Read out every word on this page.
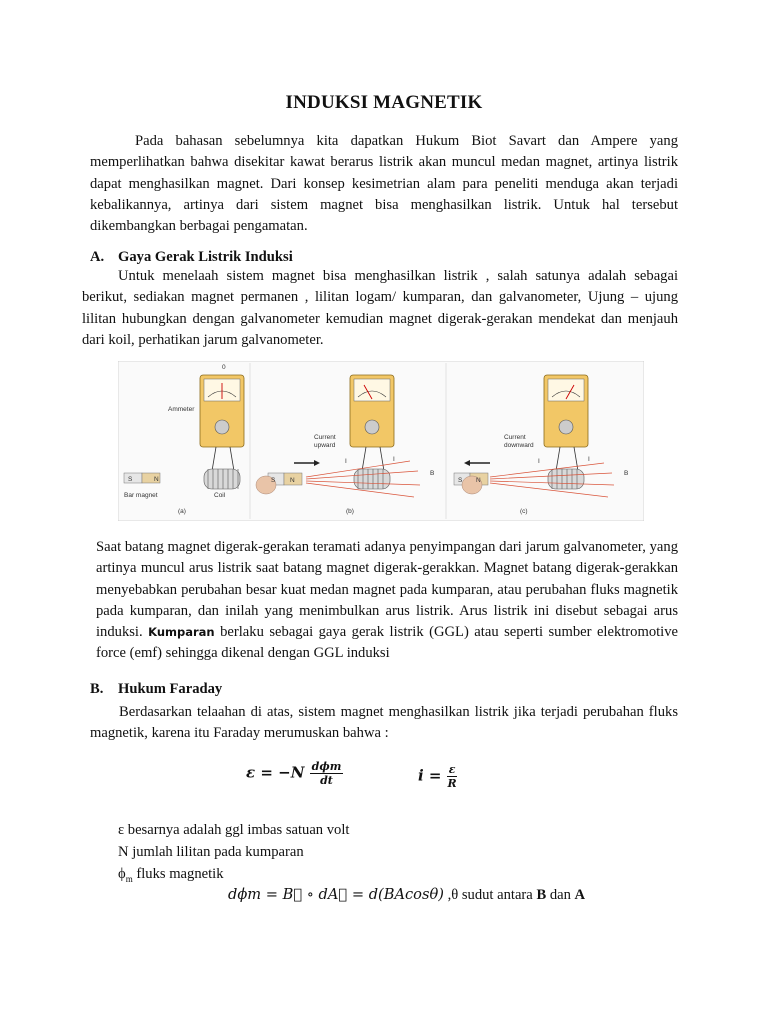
INDUKSI MAGNETIK
Pada bahasan sebelumnya kita dapatkan Hukum Biot Savart dan Ampere yang memperlihatkan bahwa disekitar kawat berarus listrik akan muncul medan magnet, artinya listrik dapat menghasilkan magnet. Dari konsep kesimetrian alam para peneliti menduga akan terjadi kebalikannya, artinya dari sistem magnet bisa menghasilkan listrik. Untuk hal tersebut dikembangkan berbagai pengamatan.
A. Gaya Gerak Listrik Induksi
Untuk menelaah sistem magnet bisa menghasilkan listrik , salah satunya adalah sebagai berikut, sediakan magnet permanen , lilitan logam/ kumparan, dan galvanometer, Ujung – ujung lilitan hubungkan dengan galvanometer kemudian magnet digerak-gerakan mendekat dan menjauh dari koil, perhatikan jarum galvanometer.
0
Ammeter
S	N
Bar magnet	Coil
(a)
Current
upward
I	I
S N
B
(b)
Current
downward
I	I
S N
B
(c)
Saat batang magnet digerak-gerakan teramati adanya penyimpangan dari jarum galvanometer, yang artinya muncul arus listrik saat batang magnet digerak-gerakkan. Magnet batang digerak-gerakkan menyebabkan perubahan besar kuat medan magnet pada kumparan, atau perubahan fluks magnetik pada kumparan, dan inilah yang menimbulkan arus listrik. Arus listrik ini disebut sebagai arus induksi. Kumparan berlaku sebagai gaya gerak listrik (GGL) atau seperti sumber elektromotive force (emf) sehingga dikenal dengan GGL induksi
B. Hukum Faraday
Berdasarkan telaahan di atas, sistem magnet menghasilkan listrik jika terjadi perubahan fluks magnetik, karena itu Faraday merumuskan bahwa :
$\varepsilon = -N \frac{\text{dϕm}}{dt}$	$i = \frac{\varepsilon}{R}$
ε besarnya adalah ggl imbas satuan volt
N jumlah lilitan pada kumparan
$\phi_m$ fluks magnetik
dϕm = B⃗ ∘ dA⃗ = d(BAcosθ) ,θ sudut antara B dan A
